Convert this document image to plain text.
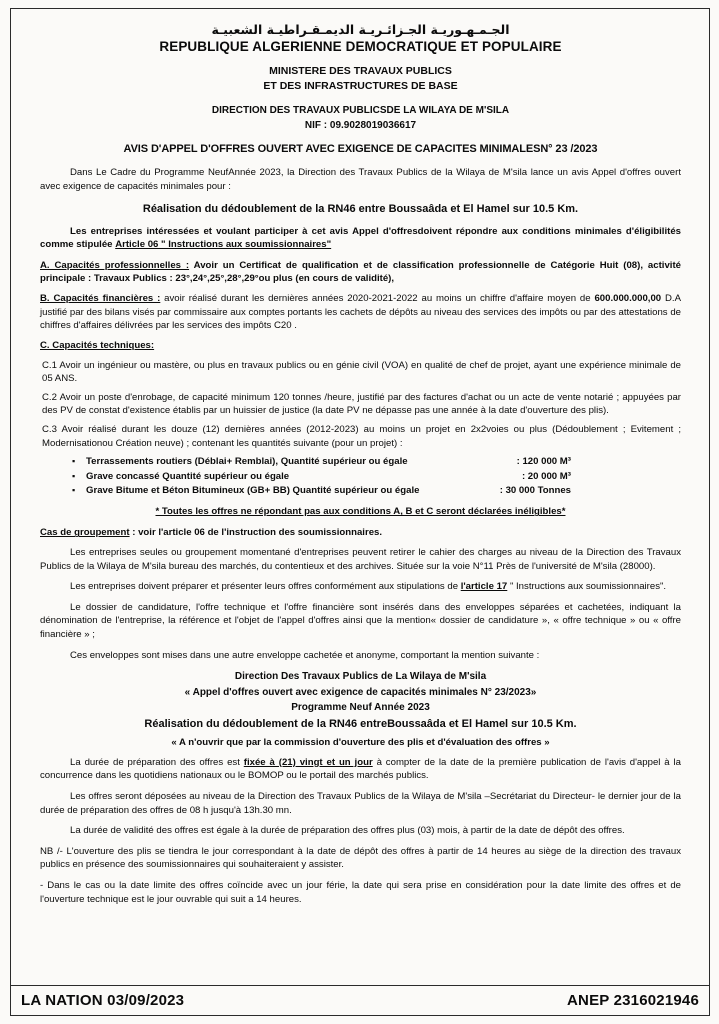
الجـمـهـوريـة الجـزائـريـة الديمـقـراطيـة الشعبيـة
REPUBLIQUE ALGERIENNE DEMOCRATIQUE ET POPULAIRE
MINISTERE DES TRAVAUX PUBLICS
ET DES INFRASTRUCTURES DE BASE
DIRECTION DES TRAVAUX PUBLICSDE LA WILAYA DE M'SILA
NIF : 09.9028019036617
AVIS D'APPEL D'OFFRES OUVERT AVEC EXIGENCE DE CAPACITES MINIMALESN° 23 /2023

Dans Le Cadre du Programme NeufAnnée 2023, la Direction des Travaux Publics de la Wilaya de M'sila lance un avis Appel d'offres ouvert avec exigence de capacités minimales pour :

Réalisation du dédoublement de la RN46 entre Boussaâda et El Hamel sur 10.5 Km.

Les entreprises intéressées et voulant participer à cet avis Appel d'offresdoivent répondre aux conditions minimales d'éligibilités comme stipulée Article 06 " Instructions aux soumissionnaires"

A. Capacités professionnelles : Avoir un Certificat de qualification et de classification professionnelle de Catégorie Huit (08), activité principale : Travaux Publics : 23°,24°,25°,28°,29°ou plus (en cours de validité),

B. Capacités financières : avoir réalisé durant les dernières années 2020-2021-2022 au moins un chiffre d'affaire moyen de 600.000.000,00 D.A justifié par des bilans visés par commissaire aux comptes portants les cachets de dépôts au niveau des services des impôts ou par des attestations de chiffres d'affaires délivrées par les services des impôts C20 .

C. Capacités techniques:

C.1 Avoir un ingénieur ou mastère, ou plus en travaux publics ou en génie civil (VOA) en qualité de chef de projet, ayant une expérience minimale de 05 ANS.

C.2 Avoir un poste d'enrobage, de capacité minimum 120 tonnes /heure, justifié par des factures d'achat ou un acte de vente notarié ; appuyées par des PV de constat d'existence établis par un huissier de justice (la date PV ne dépasse pas une année à la date d'ouverture des plis).

C.3 Avoir réalisé durant les douze (12) dernières années (2012-2023) au moins un projet en 2x2voies ou plus (Dédoublement ; Evitement ; Modernisationou Création neuve) ; contenant les quantités suivante (pour un projet) :

▪ Terrassements routiers (Déblai+ Remblai), Quantité supérieur ou égale	: 120 000 M³
▪ Grave concassé Quantité supérieur ou égale	: 20 000 M³
▪ Grave Bitume et Béton Bitumineux (GB+ BB) Quantité supérieur ou égale	: 30 000 Tonnes
* Toutes les offres ne répondant pas aux conditions A, B et C seront déclarées inéligibles*

Cas de groupement : voir l'article 06 de l'instruction des soumissionnaires.

Les entreprises seules ou groupement momentané d'entreprises peuvent retirer le cahier des charges au niveau de la Direction des Travaux Publics de la Wilaya de M'sila bureau des marchés, du contentieux et des archives. Située sur la voie N°11 Près de l'université de M'sila (28000).

Les entreprises doivent préparer et présenter leurs offres conformément aux stipulations de l'article 17 " Instructions aux soumissionnaires".

Le dossier de candidature, l'offre technique et l'offre financière sont insérés dans des enveloppes séparées et cachetées, indiquant la dénomination de l'entreprise, la référence et l'objet de l'appel d'offres ainsi que la mention« dossier de candidature », « offre technique » ou « offre financière » ;

Ces enveloppes sont mises dans une autre enveloppe cachetée et anonyme, comportant la mention suivante :

Direction Des Travaux Publics de La Wilaya de M'sila
« Appel d'offres ouvert avec exigence de capacités minimales N° 23/2023»
Programme Neuf Année 2023
Réalisation du dédoublement de la RN46 entreBoussaâda et El Hamel sur 10.5 Km.
« A n'ouvrir que par la commission d'ouverture des plis et d'évaluation des offres »

La durée de préparation des offres est fixée à (21) vingt et un jour à compter de la date de la première publication de l'avis d'appel à la concurrence dans les quotidiens nationaux ou le BOMOP ou le portail des marchés publics.

Les offres seront déposées au niveau de la Direction des Travaux Publics de la Wilaya de M'sila –Secrétariat du Directeur- le dernier jour de la durée de préparation des offres de 08 h jusqu'à 13h.30 mn.

La durée de validité des offres est égale à la durée de préparation des offres plus (03) mois, à partir de la date de dépôt des offres.

NB /- L'ouverture des plis se tiendra le jour correspondant à la date de dépôt des offres à partir de 14 heures au siège de la direction des travaux publics en présence des soumissionnaires qui souhaiteraient y assister.

- Dans le cas ou la date limite des offres coïncide avec un jour férie, la date qui sera prise en considération pour la date limite des offres et de l'ouverture technique est le jour ouvrable qui suit a 14 heures.

LA NATION 03/09/2023	ANEP 2316021946
